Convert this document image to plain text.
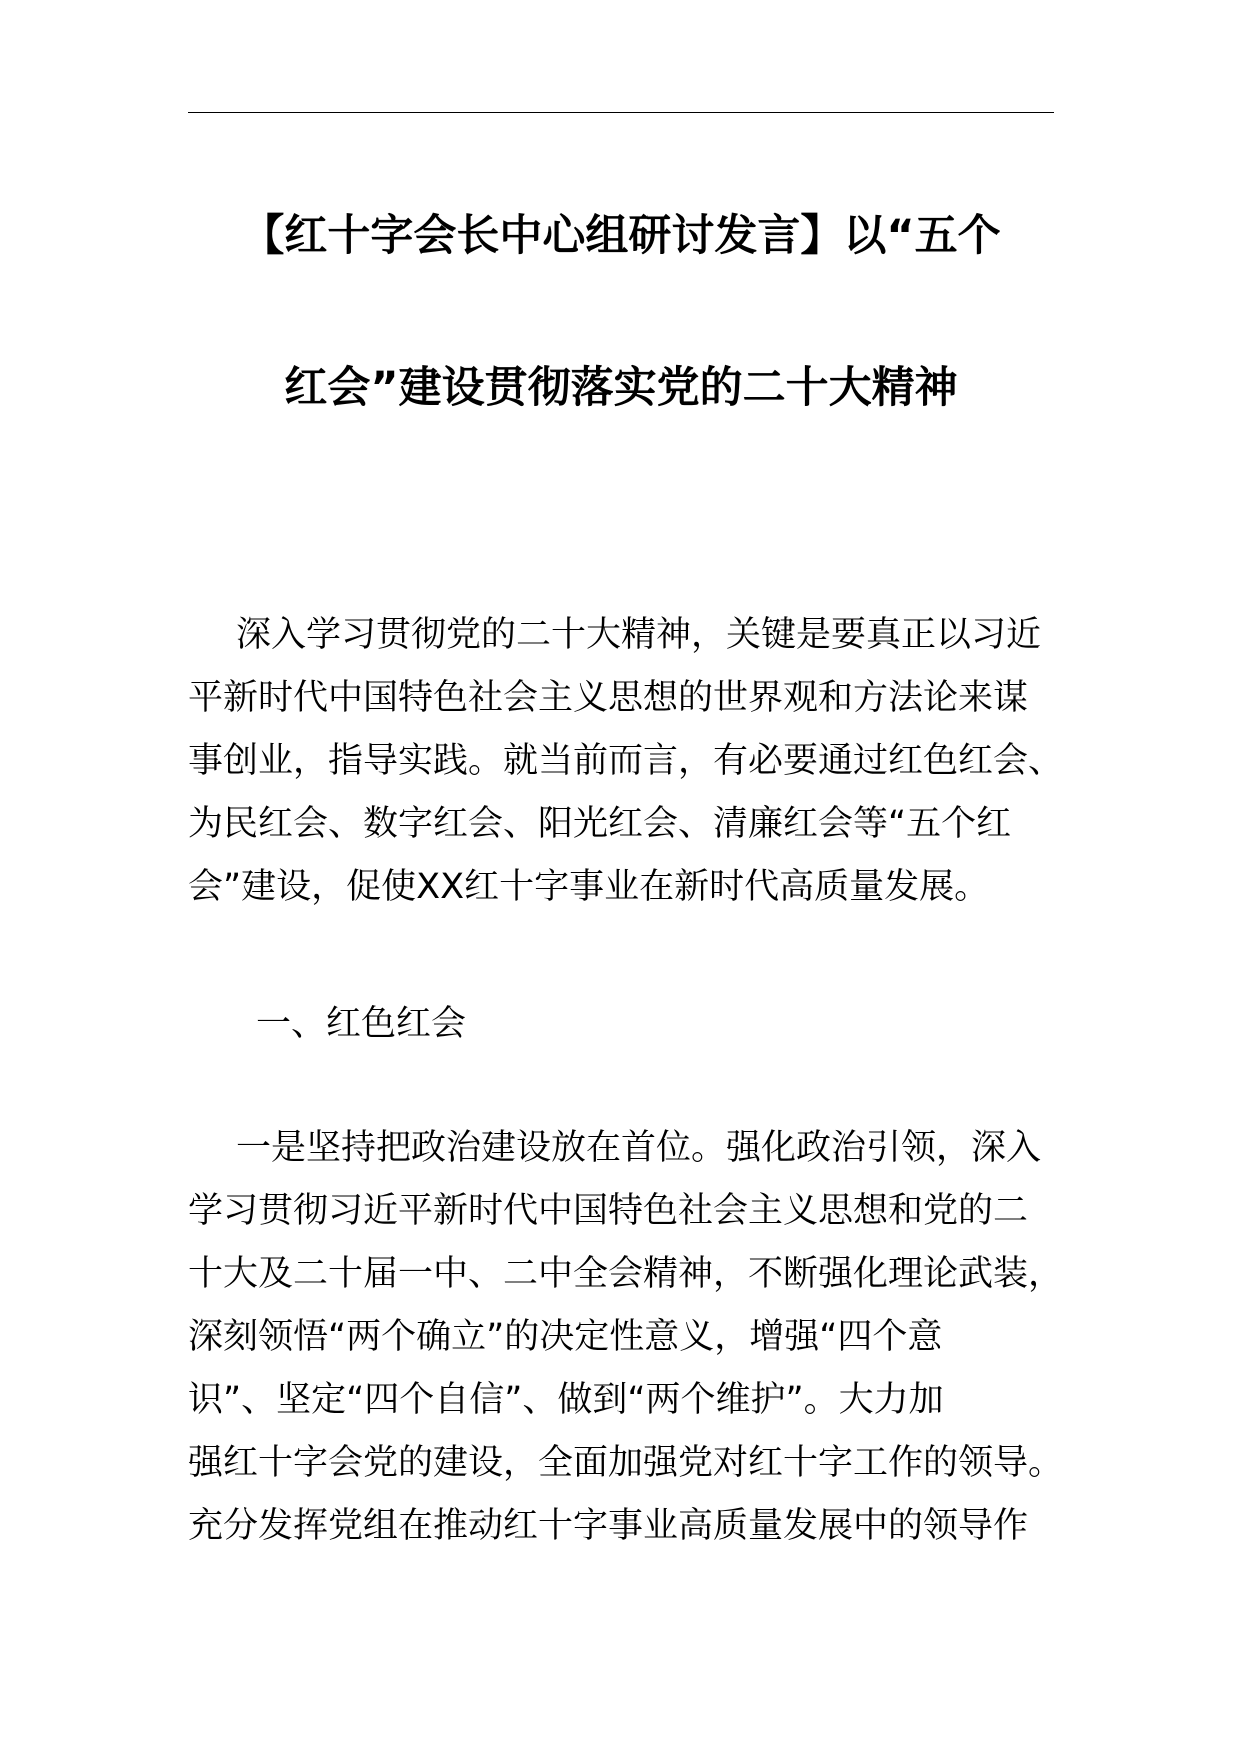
【红十字会长中心组研讨发言】以“五个
红会”建设贯彻落实党的二十大精神
深入学习贯彻党的二十大精神，关键是要真正以习近
平新时代中国特色社会主义思想的世界观和方法论来谋
事创业，指导实践。就当前而言，有必要通过红色红会、
为民红会、数字红会、阳光红会、清廉红会等“五个红
会”建设，促使XX红十字事业在新时代高质量发展。
一、红色红会
一是坚持把政治建设放在首位。强化政治引领，深入
学习贯彻习近平新时代中国特色社会主义思想和党的二
十大及二十届一中、二中全会精神，不断强化理论武装，
深刻领悟“两个确立”的决定性意义，增强“四个意
识”、坚定“四个自信”、做到“两个维护”。大力加
强红十字会党的建设，全面加强党对红十字工作的领导。
充分发挥党组在推动红十字事业高质量发展中的领导作
